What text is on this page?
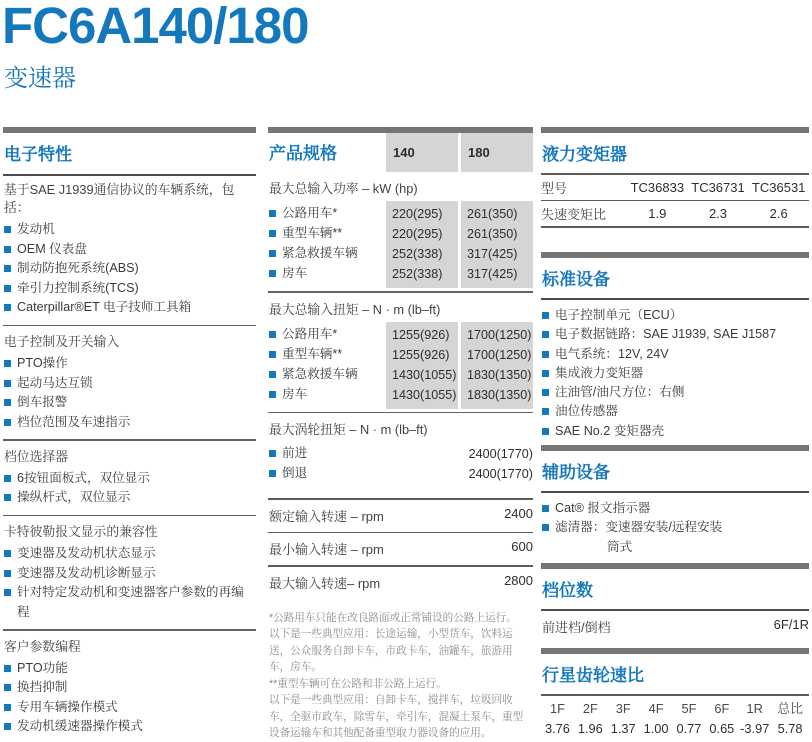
FC6A140/180
变速器
电子特性
基于SAE J1939通信协议的车辆系统，包括：
发动机
OEM 仪表盘
制动防抱死系统(ABS)
牵引力控制系统(TCS)
Caterpillar®ET 电子技师工具箱
电子控制及开关输入
PTO操作
起动马达互锁
倒车报警
档位范围及车速指示
档位选择器
6按钮面板式，双位显示
操纵杆式，双位显示
卡特彼勒报文显示的兼容性
变速器及发动机状态显示
变速器及发动机诊断显示
针对特定发动机和变速器客户参数的再编程
客户参数编程
PTO功能
换挡抑制
专用车辆操作模式
发动机缓速器操作模式
产品规格	140	180
最大总输入功率 – kW (hp)
公路用车*	220(295)	261(350)
重型车辆**	220(295)	261(350)
紧急救援车辆	252(338)	317(425)
房车	252(338)	317(425)
最大总输入扭矩 – N · m (lb–ft)
公路用车*	1255(926)	1700(1250)
重型车辆**	1255(926)	1700(1250)
紧急救援车辆	1430(1055) 1830(1350)
房车	1430(1055) 1830(1350)
最大涡轮扭矩 – N · m (lb–ft)
前进	2400(1770)
倒退	2400(1770)
额定输入转速 – rpm	2400
最小输入转速 – rpm	600
最大输入转速– rpm	2800

*公路用车只能在改良路面或正常铺设的公路上运行。

以下是一些典型应用：长途运输，小型货车，饮料运送，公众服务自卸卡车，市政卡车，油罐车，旅游用车，房车。

**重型车辆可在公路和非公路上运行。

以下是一些典型应用：自卸卡车，搅拌车，垃圾回收车，全驱市政车，除雪车，牵引车，混凝土泵车，重型设备运输车和其他配备重型取力器设备的应用。

液力变矩器
型号	TC36833 TC36731 TC36531
失速变矩比	1.9	2.3	2.6
标准设备
电子控制单元（ECU）
电子数据链路：SAE J1939, SAE J1587
电气系统：12V, 24V
集成液力变矩器
注油管/油尺方位：右侧
油位传感器
SAE No.2 变矩器壳
辅助设备
Cat® 报文指示器
滤清器：变速器安装/远程安装
筒式
档位数
前进档/倒档	6F/1R
行星齿轮速比
1F	2F	3F	4F	5F	6F	1R	总比
3.76 1.96 1.37 1.00 0.77 0.65 -3.97 5.78
